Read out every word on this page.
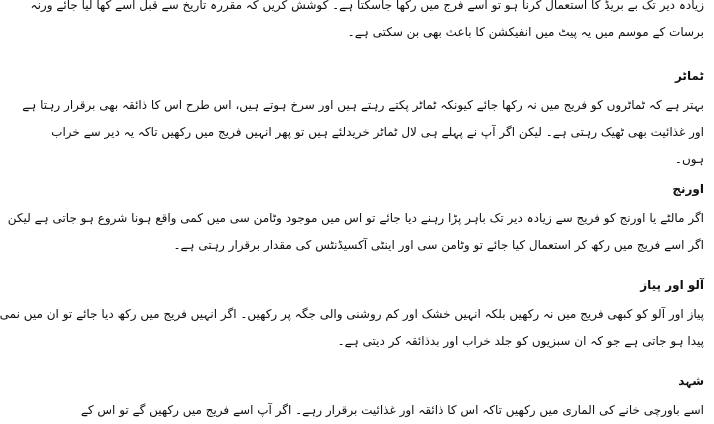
زیادہ دیر تک بے بریڈ کا استعمال کرنا ہو تو اسے فرج میں رکھا جاسکتا ہے۔ کوشش کریں کہ مقررہ تاریخ سے قبل اسے کھا لیا جائے ورنہ
برسات کے موسم میں یہ پیٹ میں انفیکشن کا باعث بھی بن سکتی ہے۔

ٹماٹر

بہتر ہے کہ ٹماٹروں کو فریج میں نہ رکھا جائے کیونکہ ٹماٹر پکتے رہتے ہیں اور سرخ ہوتے ہیں، اس طرح اس کا ذائقہ بھی برقرار رہتا ہے
اور غذائیت بھی ٹھیک رہتی ہے۔ لیکن اگر آپ نے پہلے ہی لال ٹماٹر خریدلئے ہیں تو پھر انہیں فریج میں رکھیں تاکہ یہ دیر سے خراب
ہوں۔

اورنج

اگر مالٹے یا اورنج کو فریج سے زیادہ دیر تک باہر پڑا رہنے دیا جائے تو اس میں موجود وٹامن سی میں کمی واقع ہونا شروع ہو جاتی ہے لیکن
اگر اسے فریج میں رکھ کر استعمال کیا جائے تو وٹامن سی اور اینٹی آکسیڈنٹس کی مقدار برقرار رہتی ہے۔

آلو اور پیاز

پیاز اور آلو کو کبھی فریج میں نہ رکھیں بلکہ انہیں خشک اور کم روشنی والی جگہ پر رکھیں۔ اگر انہیں فریج میں رکھ دیا جائے تو ان میں نمی
پیدا ہو جاتی ہے جو کہ ان سبزیوں کو جلد خراب اور بدذائقہ کر دیتی ہے۔

شہد

اسے باورچی خانے کی الماری میں رکھیں تاکہ اس کا ذائقہ اور غذائیت برقرار رہے۔ اگر آپ اسے فریج میں رکھیں گے تو اس کے
